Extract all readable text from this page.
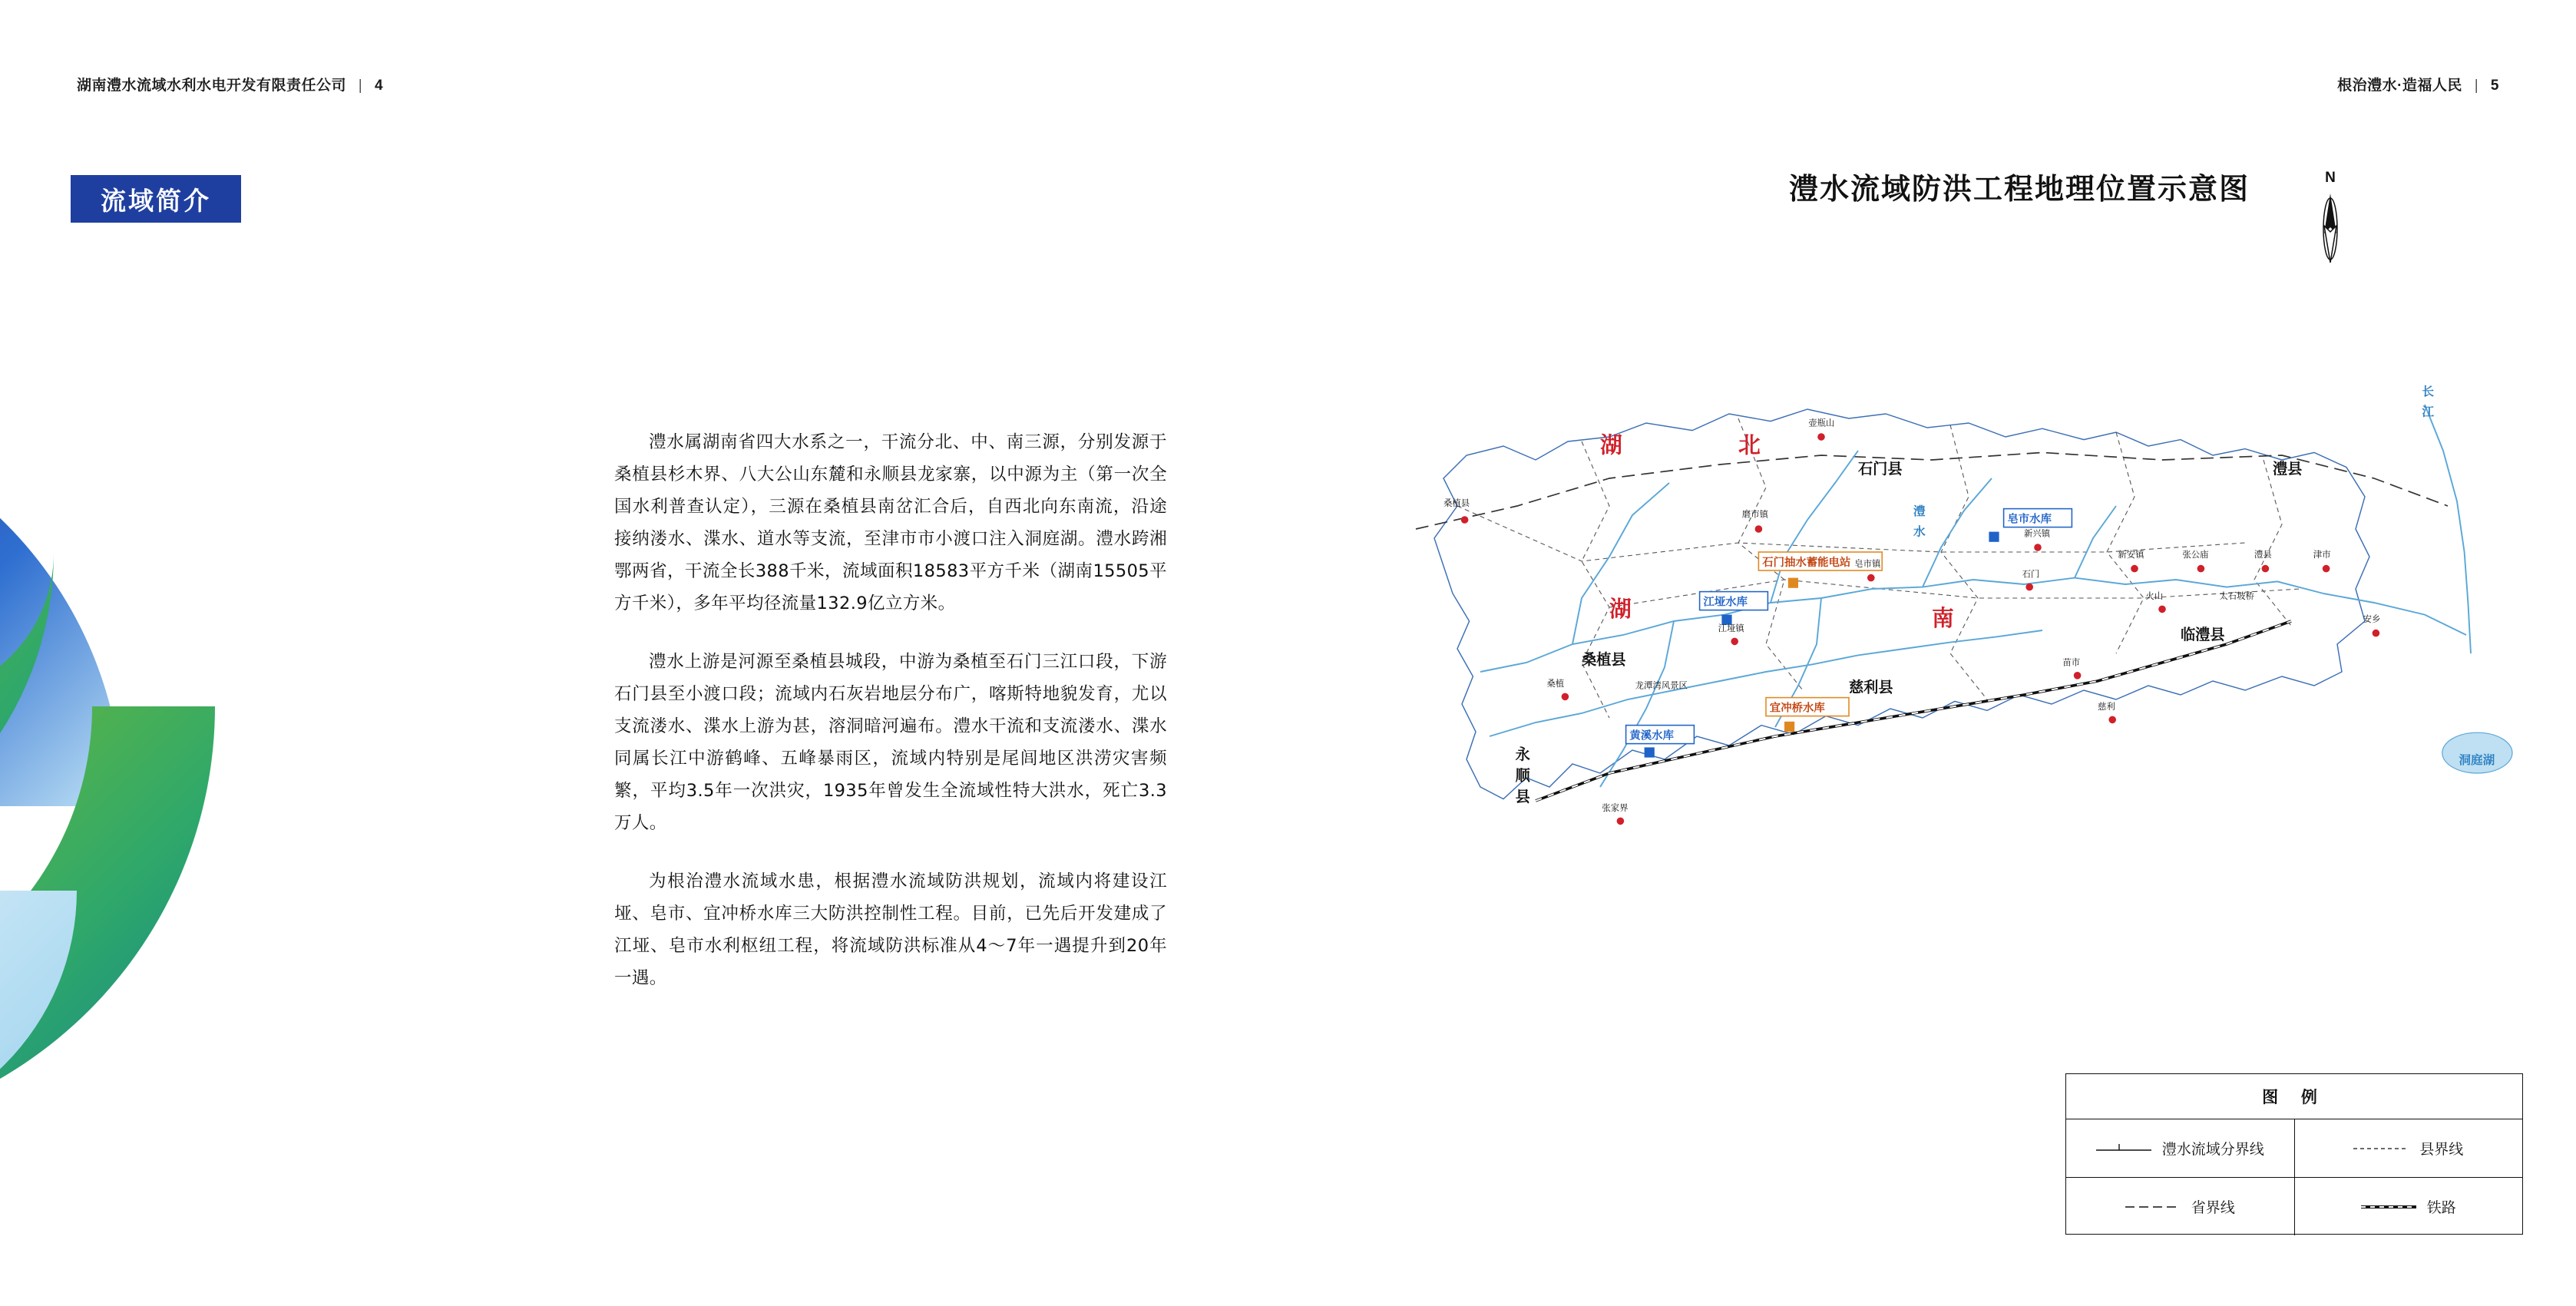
湖南澧水流域水利水电开发有限责任公司 | 4
流域简介

澧水属湖南省四大水系之一，干流分北、中、南三源，分别发源于桑植县杉木界、八大公山东麓和永顺县龙家寨，以中源为主（第一次全国水利普查认定），三源在桑植县南岔汇合后，自西北向东南流，沿途接纳溇水、渫水、道水等支流，至津市市小渡口注入洞庭湖。澧水跨湘鄂两省，干流全长388千米，流域面积18583平方千米（湖南15505平方千米），多年平均径流量132.9亿立方米。

澧水上游是河源至桑植县城段，中游为桑植至石门三江口段，下游石门县至小渡口段；流域内石灰岩地层分布广，喀斯特地貌发育，尤以支流溇水、渫水上游为甚，溶洞暗河遍布。澧水干流和支流溇水、渫水同属长江中游鹤峰、五峰暴雨区，流域内特别是尾闾地区洪涝灾害频繁，平均3.5年一次洪灾，1935年曾发生全流域性特大洪水，死亡3.3万人。

为根治澧水流域水患，根据澧水流域防洪规划，流域内将建设江垭、皂市、宜冲桥水库三大防洪控制性工程。目前，已先后开发建成了江垭、皂市水利枢纽工程，将流域防洪标准从4～7年一遇提升到20年一遇。

根治澧水·造福人民 | 5
澧水流域防洪工程地理位置示意图	N
湖	北
湖	南
石门县	澧县
桑植县
慈利县
临澧县
永
顺
县
皂市水库
石门抽水蓄能电站
江垭水库
宜冲桥水库
黄溪水库
壶瓶山
桑植县
磨市镇
新兴镇
皂市镇
石门
新安镇	张公庙	澧县	津市
江垭镇
火山	太石坡桥
桑植
苗市
慈利
龙潭湾风景区
张家界
安乡
长
江
澧
水
洞庭湖
图 例
澧水流域分界线	县界线
省界线	铁路
